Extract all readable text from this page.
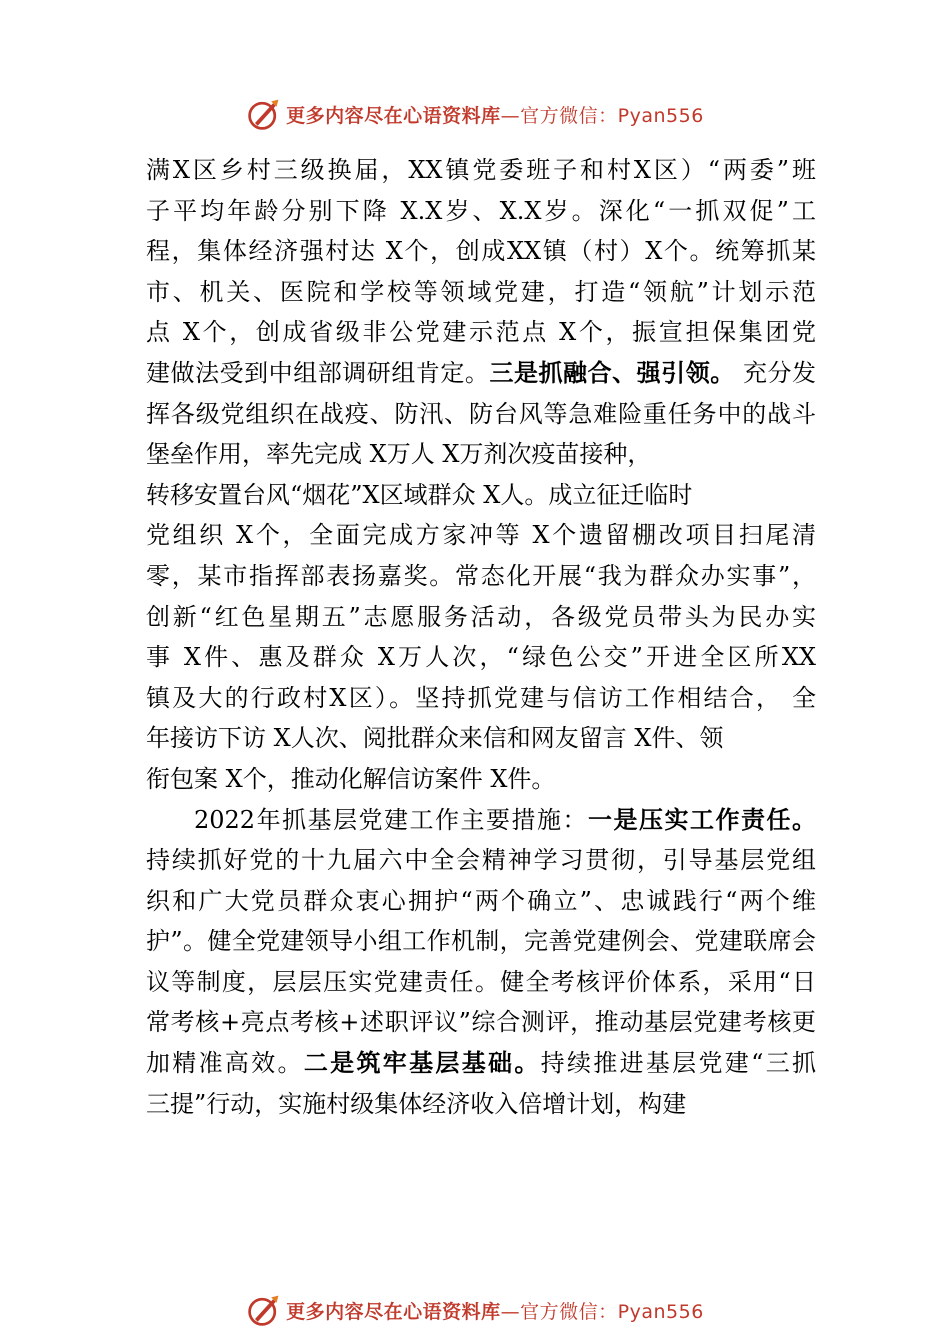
更多内容尽在心语资料库 —官方微信：Pyan556
满X区乡村三级换届，XX镇党委班子和村X区）“两委”班
子平均年龄分别下降 X.X岁、X.X岁。深化“一抓双促”工
程，集体经济强村达 X个，创成XX镇（村）X个。统筹抓某
市、机关、医院和学校等领域党建，打造“领航”计划示范
点 X个，创成省级非公党建示范点 X个，振宣担保集团党
建做法受到中组部调研组肯定。三是抓融合、强引领。 充分发
挥各级党组织在战疫、防汛、防台风等急难险重任务中的战斗
堡垒作用，率先完成 X万人 X万剂次疫苗接种，
转移安置台风“烟花”X区域群众 X人。成立征迁临时
党组织 X个，全面完成方家冲等 X个遗留棚改项目扫尾清
零，某市指挥部表扬嘉奖。常态化开展“我为群众办实事”，
创新“红色星期五”志愿服务活动，各级党员带头为民办实
事 X件、惠及群众 X万人次，“绿色公交”开进全区所XX
镇及大的行政村X区）。坚持抓党建与信访工作相结合， 全
年接访下访 X人次、阅批群众来信和网友留言 X件、领
衔包案 X个，推动化解信访案件 X件。
2022年抓基层党建工作主要措施：一是压实工作责任。
持续抓好党的十九届六中全会精神学习贯彻，引导基层党组
织和广大党员群众衷心拥护“两个确立”、忠诚践行“两个维
护”。健全党建领导小组工作机制，完善党建例会、党建联席会
议等制度，层层压实党建责任。健全考核评价体系，采用“日
常考核+亮点考核+述职评议”综合测评，推动基层党建考核更
加精准高效。二是筑牢基层基础。持续推进基层党建“三抓
三提”行动，实施村级集体经济收入倍增计划，构建
更多内容尽在心语资料库 —官方微信：Pyan556
